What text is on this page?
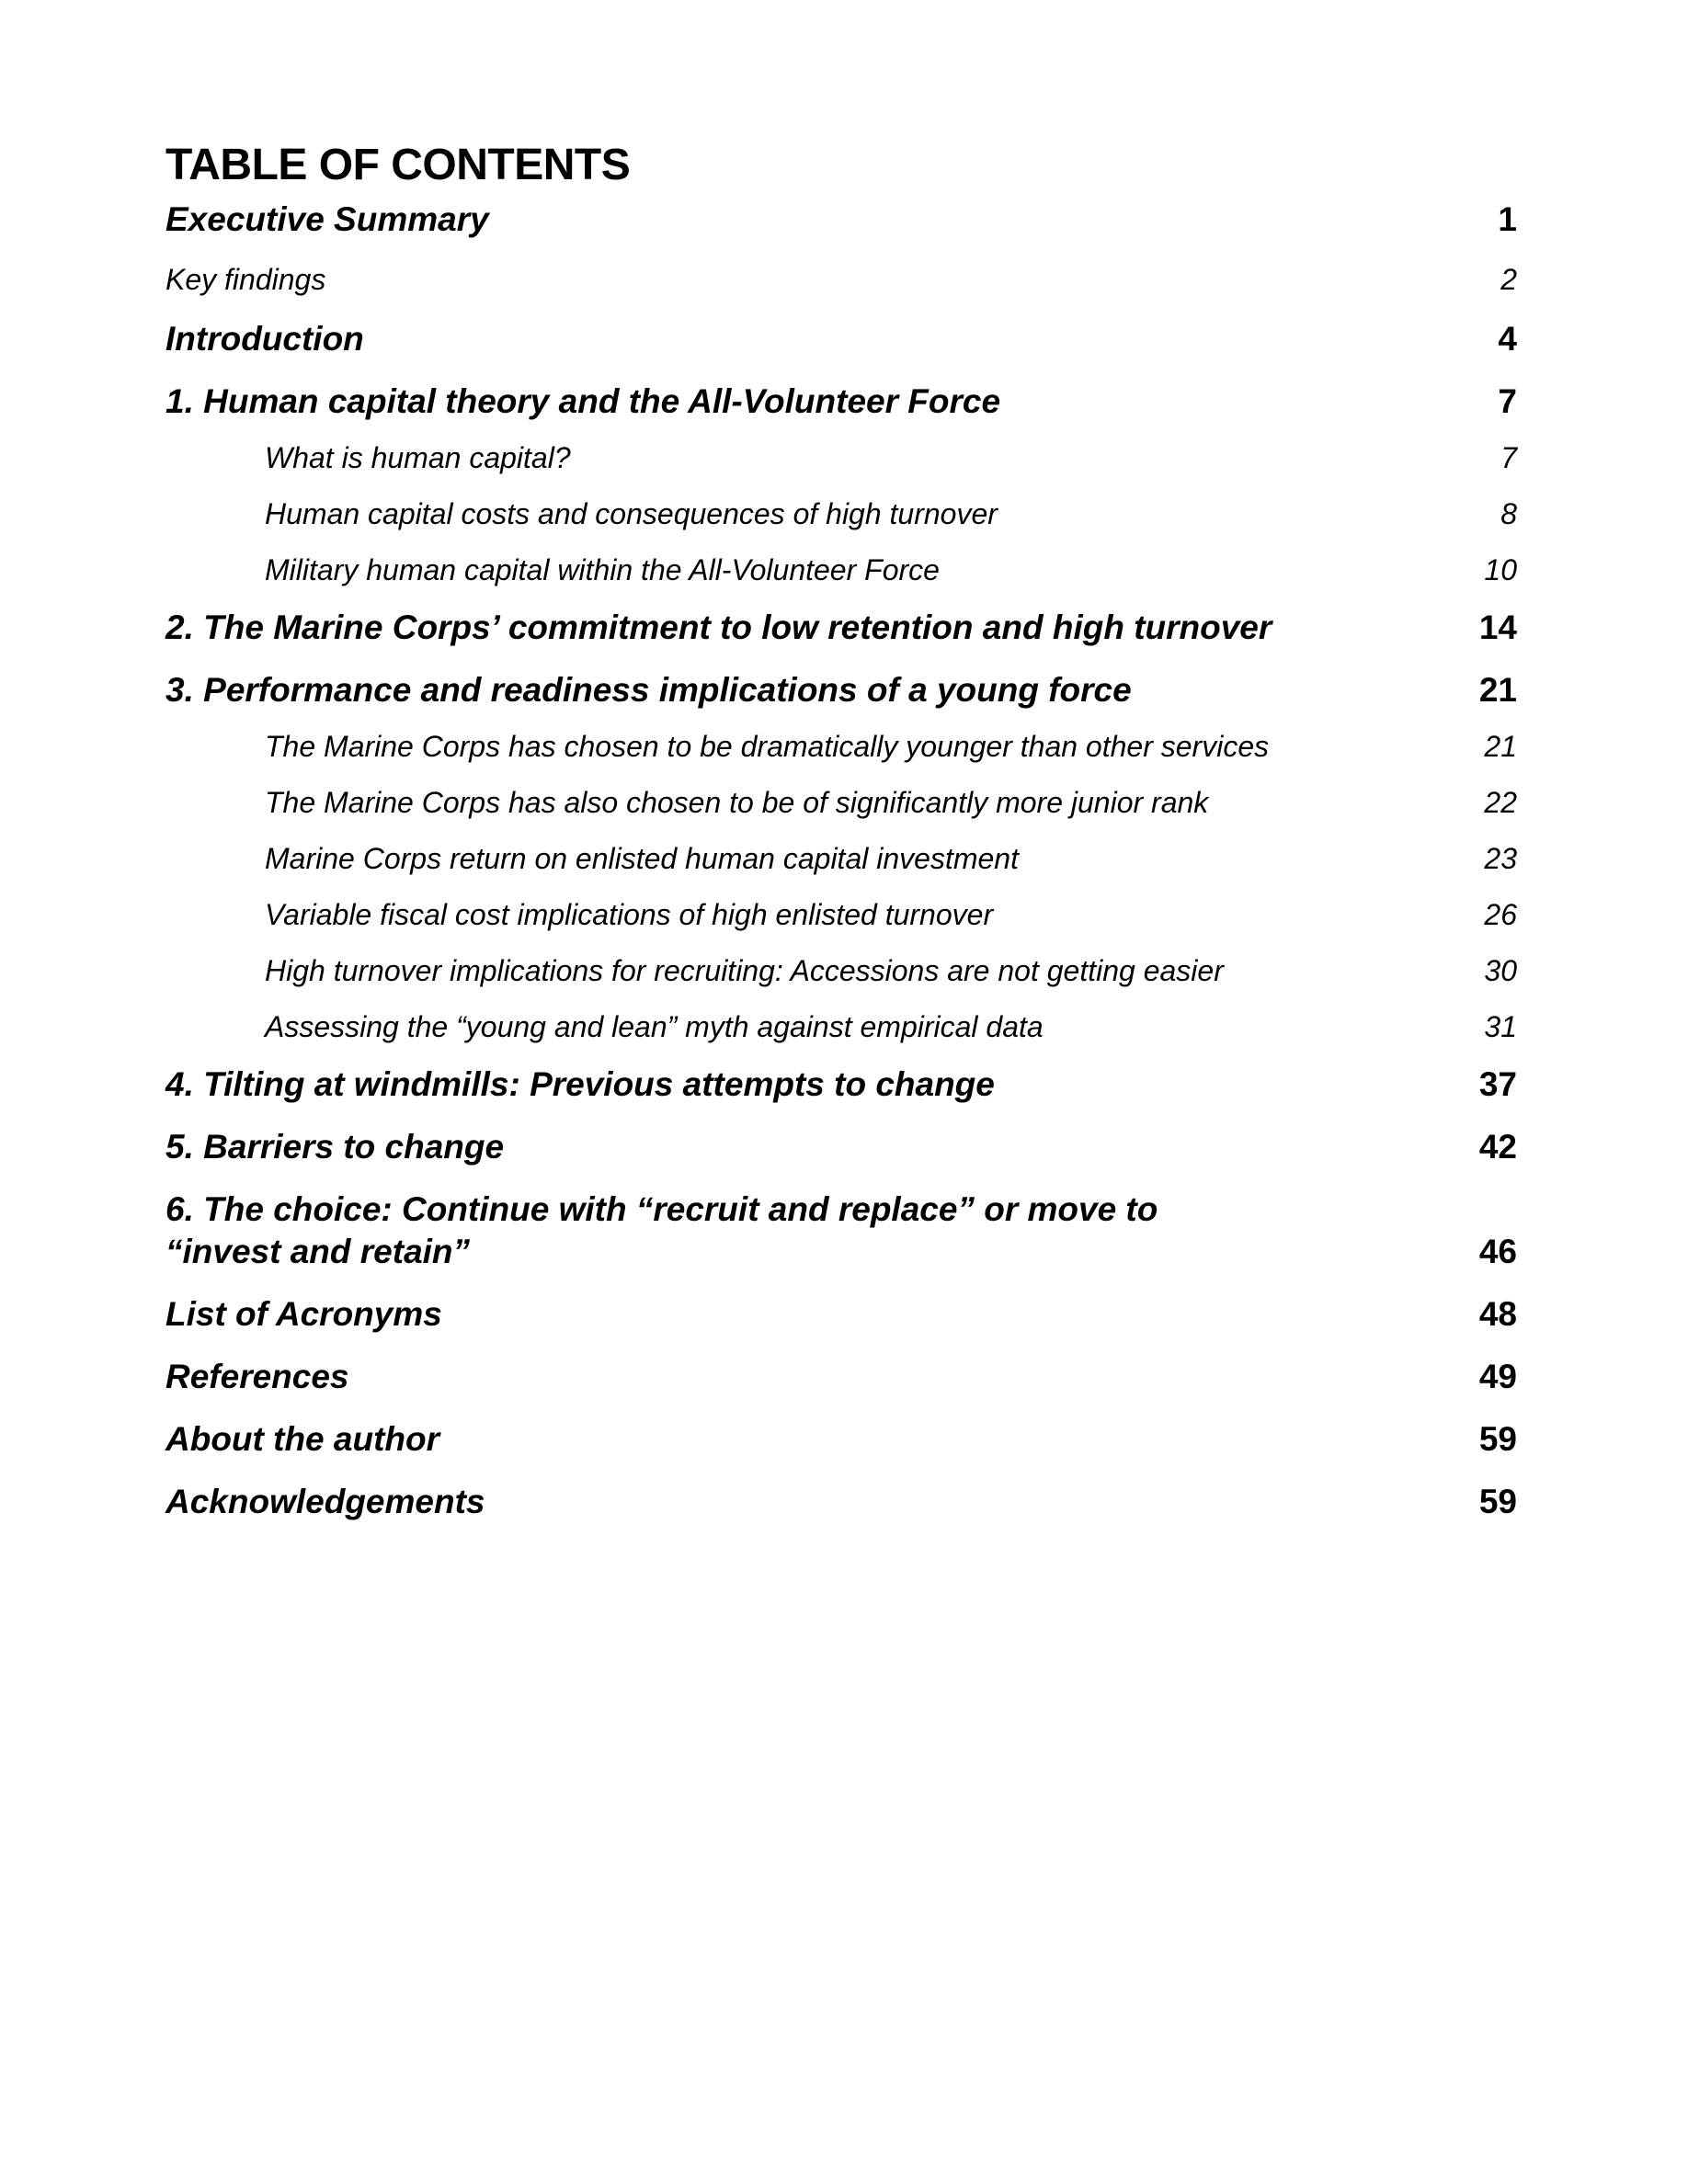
TABLE OF CONTENTS
Executive Summary	1
Key findings	2
Introduction	4
1. Human capital theory and the All-Volunteer Force	7
What is human capital?	7
Human capital costs and consequences of high turnover	8
Military human capital within the All-Volunteer Force	10
2. The Marine Corps’ commitment to low retention and high turnover	14
3. Performance and readiness implications of a young force	21
The Marine Corps has chosen to be dramatically younger than other services	21
The Marine Corps has also chosen to be of significantly more junior rank	22
Marine Corps return on enlisted human capital investment	23
Variable fiscal cost implications of high enlisted turnover	26
High turnover implications for recruiting: Accessions are not getting easier	30
Assessing the “young and lean” myth against empirical data	31
4. Tilting at windmills: Previous attempts to change	37
5. Barriers to change	42
6. The choice: Continue with “recruit and replace” or move to “invest and retain”	46
List of Acronyms	48
References	49
About the author	59
Acknowledgements	59
